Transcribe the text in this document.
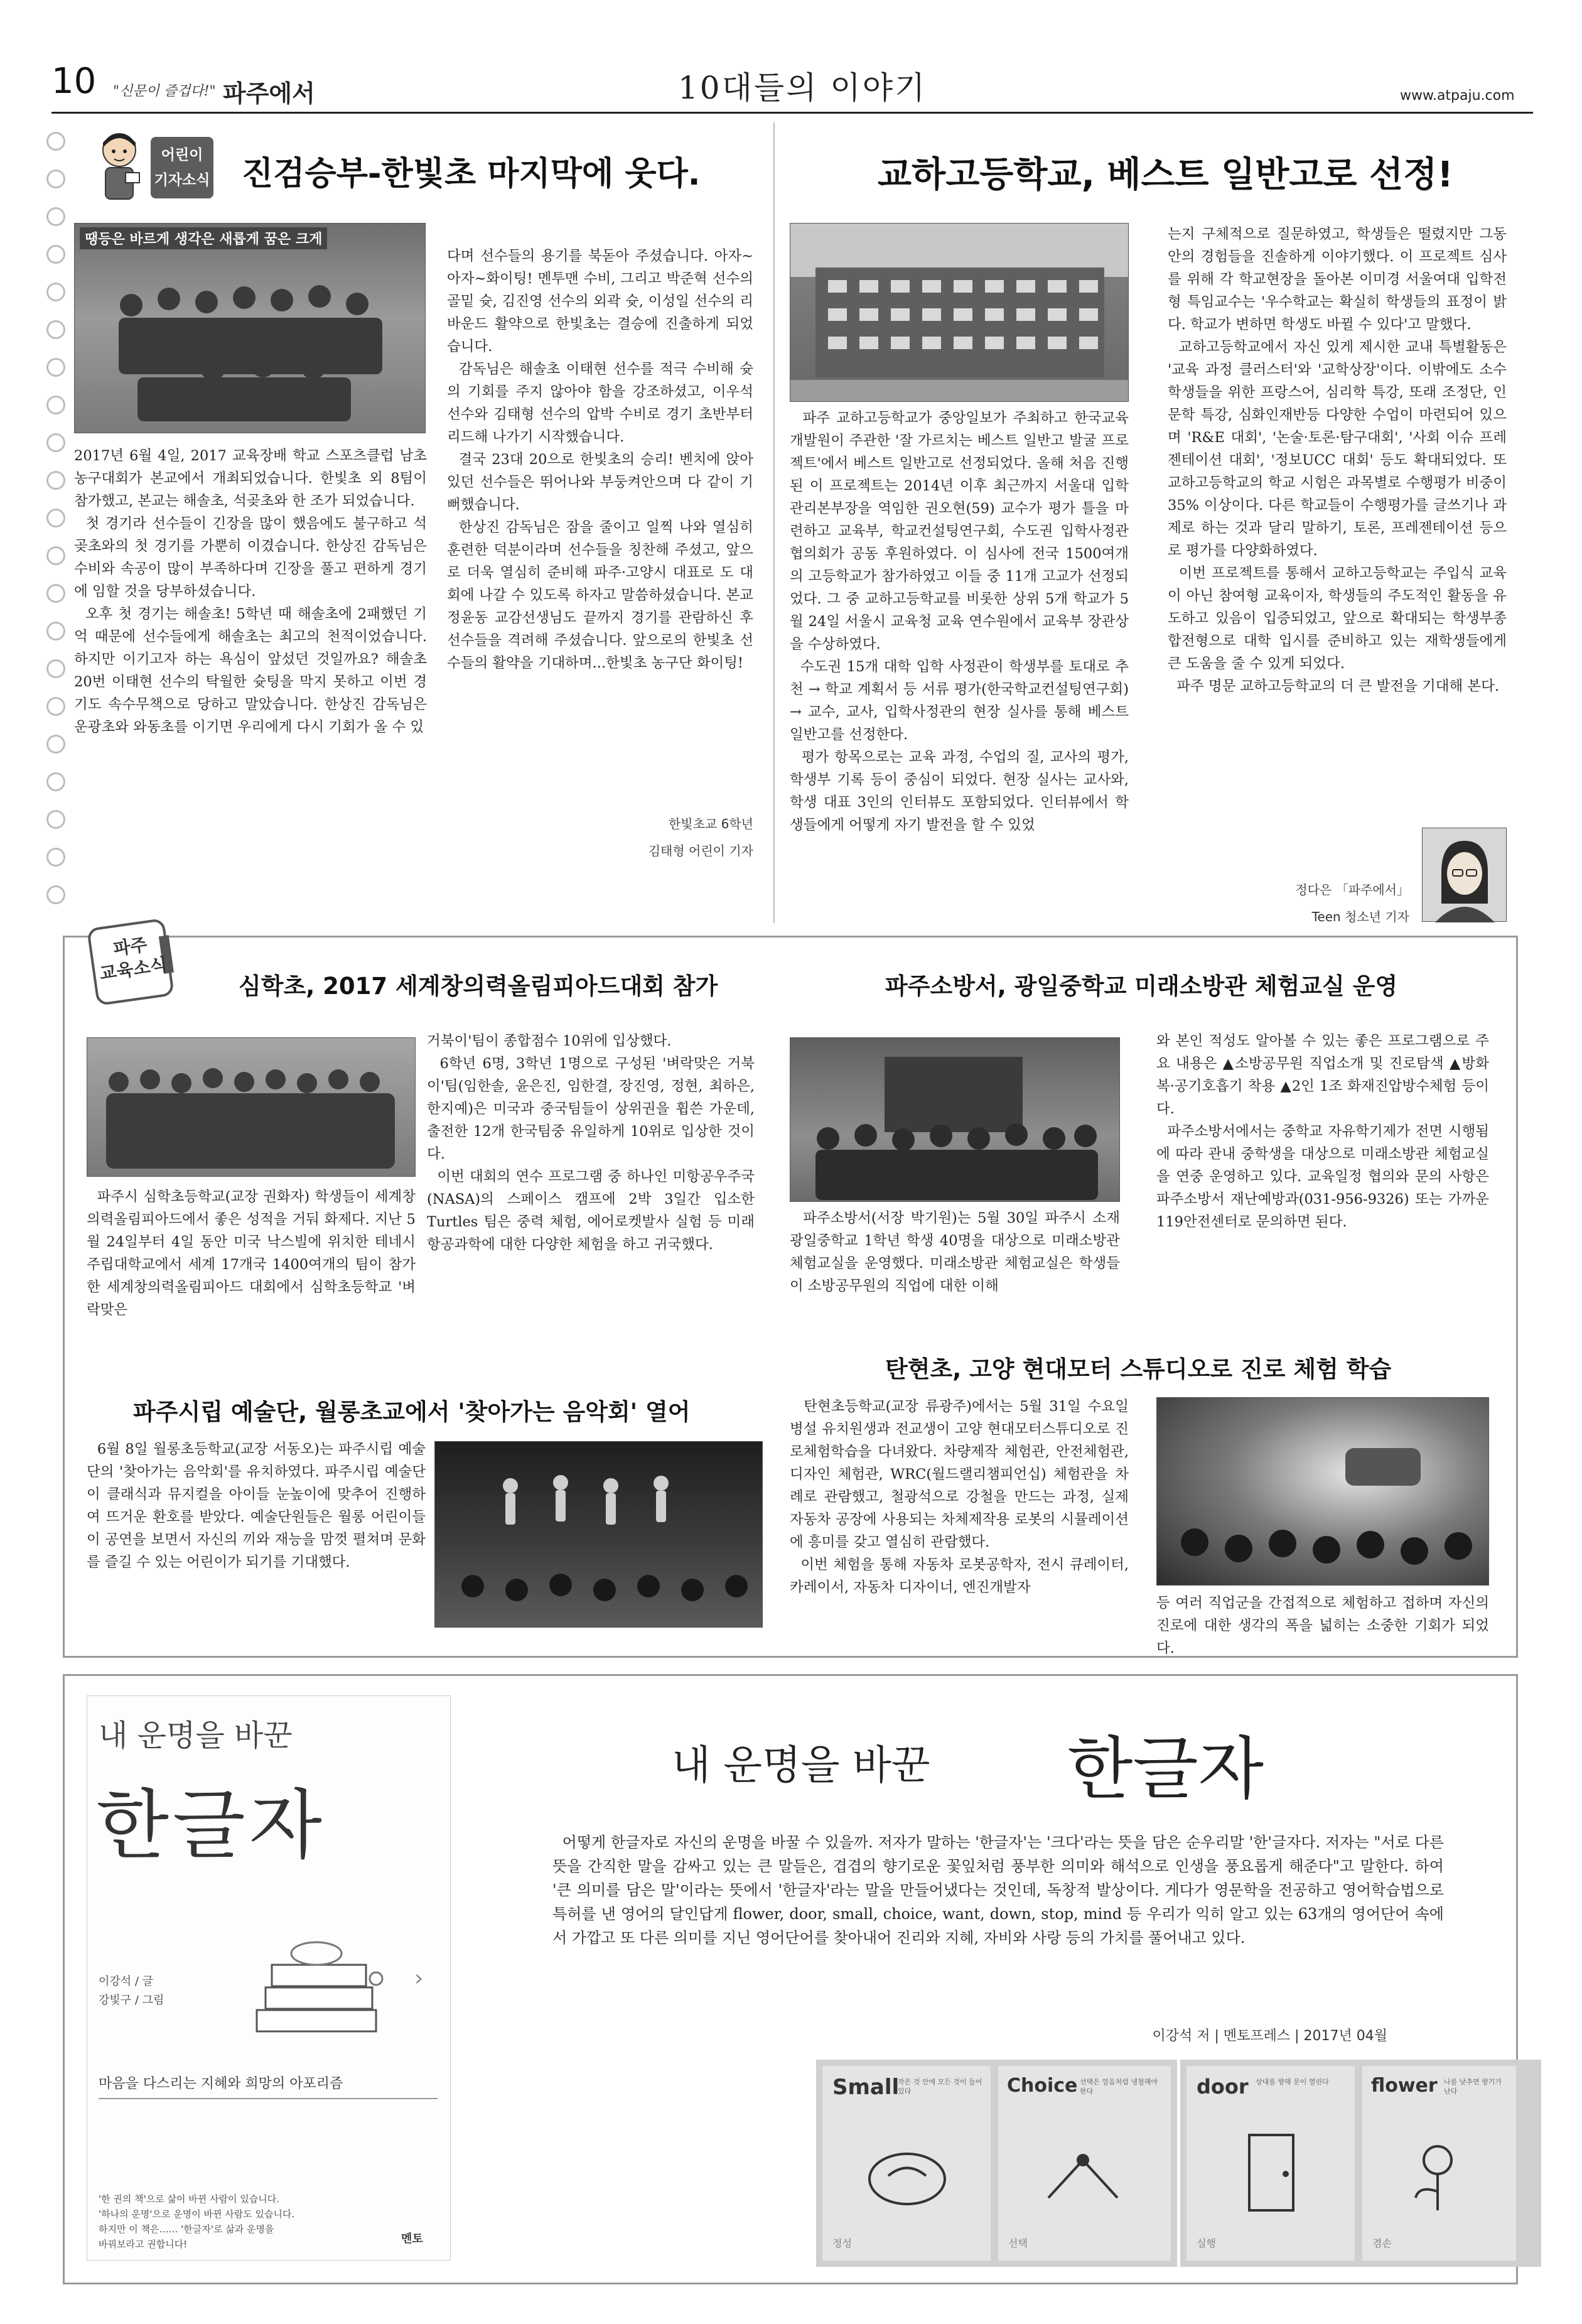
10 "신문이 즐겁다!" 파주에서	10대들의 이야기	www.atpaju.com
어린이
기자소식 진검승부-한빛초 마지막에 웃다.
땡등은 바르게 생각은 새롭게 꿈은 크게
2017년 6월 4일, 2017 교육장배 학교 스포츠클럽 남초 농구대회가 본교에서 개최되었습니다. 한빛초 외 8팀이 참가했고, 본교는 해솔초, 석곶초와 한 조가 되었습니다.
첫 경기라 선수들이 긴장을 많이 했음에도 불구하고 석곶초와의 첫 경기를 가뿐히 이겼습니다. 한상진 감독님은 수비와 속공이 많이 부족하다며 긴장을 풀고 편하게 경기에 임할 것을 당부하셨습니다.
오후 첫 경기는 해솔초! 5학년 때 해솔초에 2패했던 기억 때문에 선수들에게 해솔초는 최고의 천적이었습니다. 하지만 이기고자 하는 욕심이 앞섰던 것일까요? 해솔초 20번 이태현 선수의 탁월한 슛팅을 막지 못하고 이번 경기도 속수무책으로 당하고 말았습니다. 한상진 감독님은 운광초와 와동초를 이기면 우리에게 다시 기회가 올 수 있
다며 선수들의 용기를 북돋아 주셨습니다. 아자~아자~화이팅! 멘투맨 수비, 그리고 박준혁 선수의 골밑 슛, 김진영 선수의 외곽 슛, 이성일 선수의 리바운드 활약으로 한빛초는 결승에 진출하게 되었습니다.
감독님은 해솔초 이태현 선수를 적극 수비해 슛의 기회를 주지 않아야 함을 강조하셨고, 이우석 선수와 김태형 선수의 압박 수비로 경기 초반부터 리드해 나가기 시작했습니다.
결국 23대 20으로 한빛초의 승리! 벤치에 앉아있던 선수들은 뛰어나와 부둥켜안으며 다 같이 기뻐했습니다.
한상진 감독님은 잠을 줄이고 일찍 나와 열심히 훈련한 덕분이라며 선수들을 칭찬해 주셨고, 앞으로 더욱 열심히 준비해 파주·고양시 대표로 도 대회에 나갈 수 있도록 하자고 말씀하셨습니다. 본교 정윤동 교감선생님도 끝까지 경기를 관람하신 후 선수들을 격려해 주셨습니다. 앞으로의 한빛초 선수들의 활약을 기대하며...한빛초 농구단 화이팅!
한빛초교 6학년
김태형 어린이 기자
교하고등학교, 베스트 일반고로 선정!
파주 교하고등학교가 중앙일보가 주최하고 한국교육개발원이 주관한 '잘 가르치는 베스트 일반고 발굴 프로젝트'에서 베스트 일반고로 선정되었다. 올해 처음 진행된 이 프로젝트는 2014년 이후 최근까지 서울대 입학관리본부장을 역임한 권오현(59) 교수가 평가 틀을 마련하고 교육부, 학교컨설팅연구회, 수도권 입학사정관협의회가 공동 후원하였다. 이 심사에 전국 1500여개의 고등학교가 참가하였고 이들 중 11개 고교가 선정되었다. 그 중 교하고등학교를 비롯한 상위 5개 학교가 5월 24일 서울시 교육청 교육 연수원에서 교육부 장관상을 수상하였다.
수도권 15개 대학 입학 사정관이 학생부를 토대로 추천 → 학교 계획서 등 서류 평가(한국학교컨설팅연구회) → 교수, 교사, 입학사정관의 현장 실사를 통해 베스트 일반고를 선정한다.
평가 항목으로는 교육 과정, 수업의 질, 교사의 평가, 학생부 기록 등이 중심이 되었다. 현장 실사는 교사와, 학생 대표 3인의 인터뷰도 포함되었다. 인터뷰에서 학생들에게 어떻게 자기 발전을 할 수 있었
는지 구체적으로 질문하였고, 학생들은 떨렸지만 그동안의 경험들을 진솔하게 이야기했다. 이 프로젝트 심사를 위해 각 학교현장을 돌아본 이미경 서울여대 입학전형 특임교수는 '우수학교는 확실히 학생들의 표정이 밝다. 학교가 변하면 학생도 바뀔 수 있다'고 말했다.
교하고등학교에서 자신 있게 제시한 교내 특별활동은 '교육 과정 클러스터'와 '교학상장'이다. 이밖에도 소수학생들을 위한 프랑스어, 심리학 특강, 또래 조정단, 인문학 특강, 심화인재반등 다양한 수업이 마련되어 있으며 'R&E 대회', '논술·토론·탐구대회', '사회 이슈 프레젠테이션 대회', '정보UCC 대회' 등도 확대되었다. 또 교하고등학교의 학교 시험은 과목별로 수행평가 비중이 35% 이상이다. 다른 학교들이 수행평가를 글쓰기나 과제로 하는 것과 달리 말하기, 토론, 프레젠테이션 등으로 평가를 다양화하였다.
이번 프로젝트를 통해서 교하고등학교는 주입식 교육이 아닌 참여형 교육이자, 학생들의 주도적인 활동을 유도하고 있음이 입증되었고, 앞으로 확대되는 학생부종합전형으로 대학 입시를 준비하고 있는 재학생들에게 큰 도움을 줄 수 있게 되었다.
파주 명문 교하고등학교의 더 큰 발전을 기대해 본다.
정다은 「파주에서」
Teen 청소년 기자
파주
교육소식
심학초, 2017 세계창의력올림피아드대회 참가
파주시 심학초등학교(교장 권화자) 학생들이 세계창의력올림피아드에서 좋은 성적을 거둬 화제다. 지난 5월 24일부터 4일 동안 미국 낙스빌에 위치한 테네시 주립대학교에서 세계 17개국 1400여개의 팀이 참가한 세계창의력올림피아드 대회에서 심학초등학교 '벼락맞은
거북이'팀이 종합점수 10위에 입상했다.
6학년 6명, 3학년 1명으로 구성된 '벼락맞은 거북이'팀(임한솔, 윤은진, 임한결, 장진영, 정현, 최하은, 한지예)은 미국과 중국팀들이 상위권을 휩쓴 가운데, 출전한 12개 한국팀중 유일하게 10위로 입상한 것이다.
이번 대회의 연수 프로그램 중 하나인 미항공우주국(NASA)의 스페이스 캠프에 2박 3일간 입소한 Turtles 팀은 중력 체험, 에어로켓발사 실험 등 미래항공과학에 대한 다양한 체험을 하고 귀국했다.
파주소방서, 광일중학교 미래소방관 체험교실 운영
파주소방서(서장 박기원)는 5월 30일 파주시 소재 광일중학교 1학년 학생 40명을 대상으로 미래소방관 체험교실을 운영했다. 미래소방관 체험교실은 학생들이 소방공무원의 직업에 대한 이해
와 본인 적성도 알아볼 수 있는 좋은 프로그램으로 주요 내용은 ▲소방공무원 직업소개 및 진로탐색 ▲방화복·공기호흡기 착용 ▲2인 1조 화재진압방수체험 등이다.
파주소방서에서는 중학교 자유학기제가 전면 시행됨에 따라 관내 중학생을 대상으로 미래소방관 체험교실을 연중 운영하고 있다. 교육일정 협의와 문의 사항은 파주소방서 재난예방과(031-956-9326) 또는 가까운 119안전센터로 문의하면 된다.
파주시립 예술단, 월롱초교에서 '찾아가는 음악회' 열어
6월 8일 월롱초등학교(교장 서동오)는 파주시립 예술단의 '찾아가는 음악회'를 유치하였다. 파주시립 예술단이 클래식과 뮤지컬을 아이들 눈높이에 맞추어 진행하여 뜨거운 환호를 받았다. 예술단원들은 월롱 어린이들이 공연을 보면서 자신의 끼와 재능을 맘껏 펼쳐며 문화를 즐길 수 있는 어린이가 되기를 기대했다.
탄현초, 고양 현대모터 스튜디오로 진로 체험 학습
탄현초등학교(교장 류광주)에서는 5월 31일 수요일 병설 유치원생과 전교생이 고양 현대모터스튜디오로 진로체험학습을 다녀왔다. 차량제작 체험관, 안전체험관, 디자인 체험관, WRC(월드랠리챔피언십) 체험관을 차례로 관람했고, 철광석으로 강철을 만드는 과정, 실제 자동차 공장에 사용되는 차체제작용 로봇의 시뮬레이션에 흥미를 갖고 열심히 관람했다.
이번 체험을 통해 자동차 로봇공학자, 전시 큐레이터, 카레이서, 자동차 디자이너, 엔진개발자
등 여러 직업군을 간접적으로 체험하고 접하며 자신의 진로에 대한 생각의 폭을 넓히는 소중한 기회가 되었다.
내 운명을 바꾼
한글자
이강석 / 글
강빛구 / 그림
마음을 다스리는 지혜와 희망의 아포리즘
'한 권의 책'으로 삶이 바뀐 사람이 있습니다.
'하나의 운명'으로 운명이 바뀐 사람도 있습니다.
하지만 이 책은…… '한글자'로 삶과 운명을
바꿔보라고 권합니다!	멘토
›
내 운명을 바꾼 한글자
어떻게 한글자로 자신의 운명을 바꿀 수 있을까. 저자가 말하는 '한글자'는 '크다'라는 뜻을 담은 순우리말 '한'글자다. 저자는 "서로 다른 뜻을 간직한 말을 감싸고 있는 큰 말들은, 겹겹의 향기로운 꽃잎처럼 풍부한 의미와 해석으로 인생을 풍요롭게 해준다"고 말한다. 하여 '큰 의미를 담은 말'이라는 뜻에서 '한글자'라는 말을 만들어냈다는 것인데, 독창적 발상이다. 게다가 영문학을 전공하고 영어학습법으로 특허를 낸 영어의 달인답게 flower, door, small, choice, want, down, stop, mind 등 우리가 익히 알고 있는 63개의 영어단어 속에서 가깝고 또 다른 의미를 지닌 영어단어를 찾아내어 진리와 지혜, 자비와 사랑 등의 가치를 풀어내고 있다.
이강석 저 | 멘토프레스 | 2017년 04월
Small
작은 것 안에 모든 것이 들어 있다
정성
Choice 선택은 얼음처럼 냉철해야 한다
선택
door 상대를 향해 문이 열린다
실행
flower 나를 낮추면 향기가 난다
겸손
